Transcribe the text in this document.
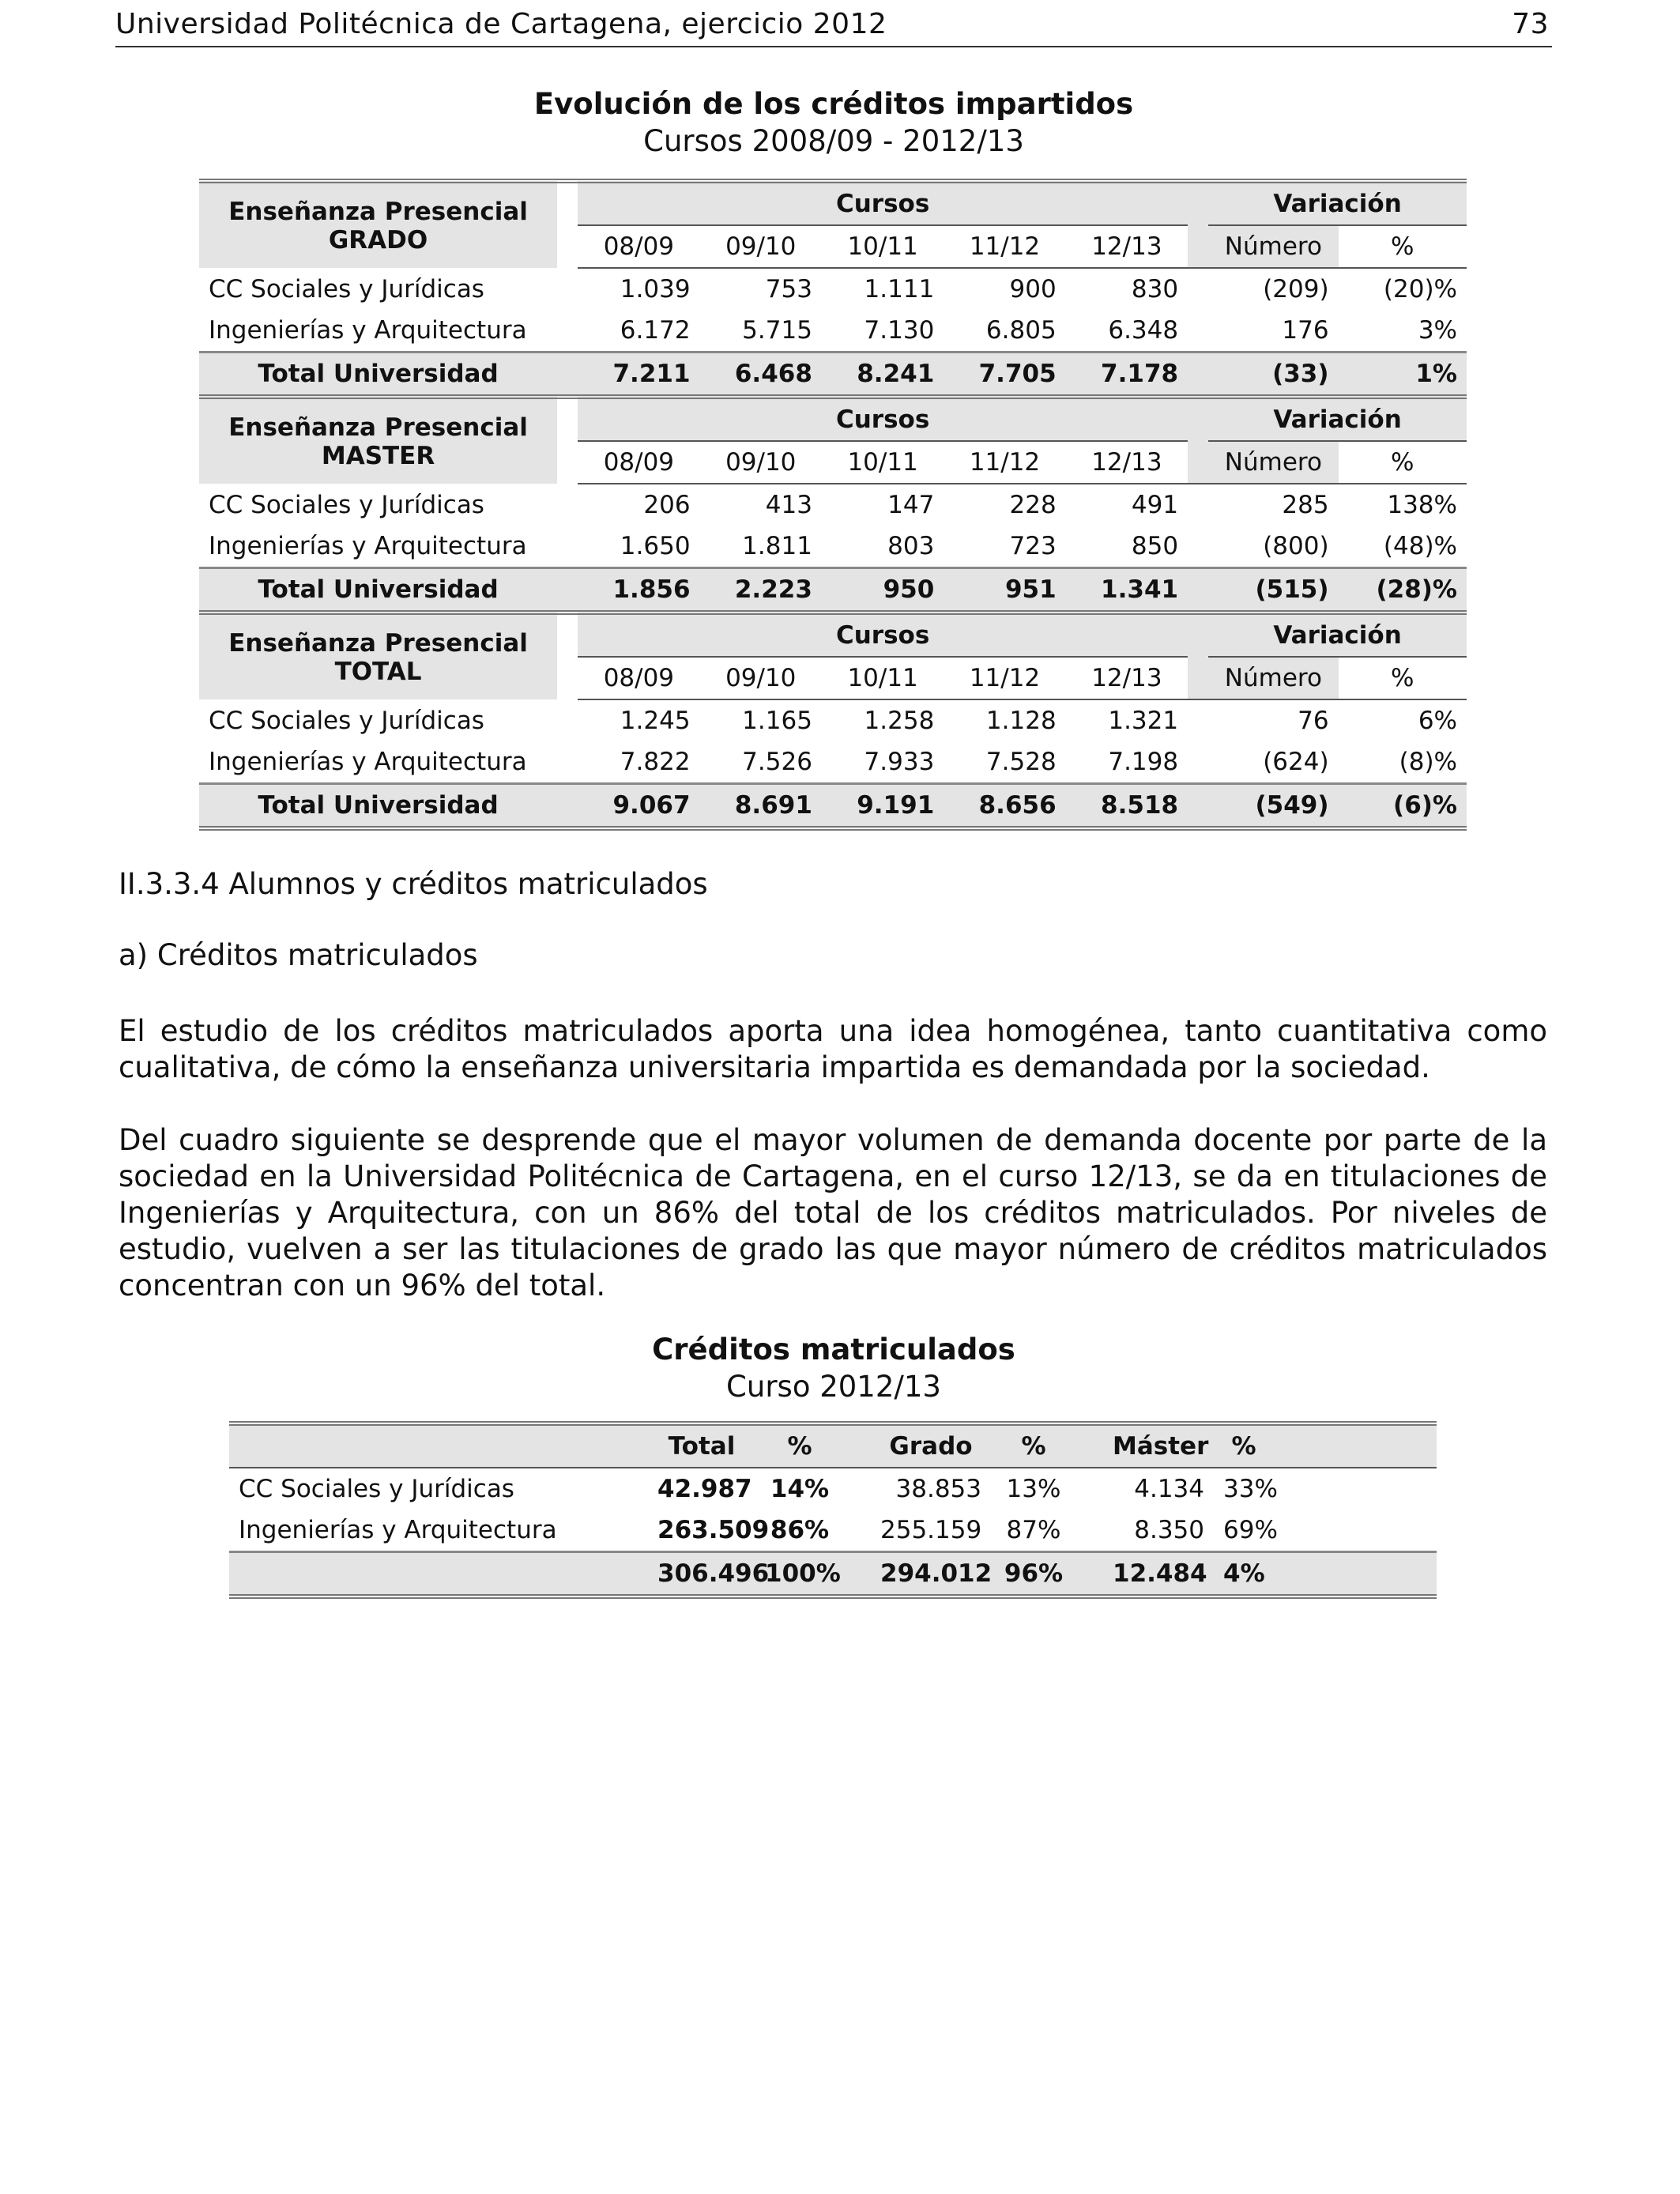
Universidad Politécnica de Cartagena, ejercicio 2012	73
Evolución de los créditos impartidos
Cursos 2008/09 - 2012/13
Enseñanza Presencial
GRADO		Cursos						Variación	
		08/09	09/10	10/11	11/12	12/13		Número	%
CC Sociales y Jurídicas		1.039	753	1.111	900	830		(209)	(20)%
Ingenierías y Arquitectura		6.172	5.715	7.130	6.805	6.348		176	3%
Total Universidad		7.211	6.468	8.241	7.705	7.178		(33)	1%

Enseñanza Presencial
MASTER		Cursos						Variación	
		08/09	09/10	10/11	11/12	12/13		Número	%
CC Sociales y Jurídicas		206	413	147	228	491		285	138%
Ingenierías y Arquitectura		1.650	1.811	803	723	850		(800)	(48)%
Total Universidad		1.856	2.223	950	951	1.341		(515)	(28)%

Enseñanza Presencial
TOTAL		Cursos						Variación	
		08/09	09/10	10/11	11/12	12/13		Número	%
CC Sociales y Jurídicas		1.245	1.165	1.258	1.128	1.321		76	6%
Ingenierías y Arquitectura		7.822	7.526	7.933	7.528	7.198		(624)	(8)%
Total Universidad		9.067	8.691	9.191	8.656	8.518		(549)	(6)%
II.3.3.4 Alumnos y créditos matriculados
a) Créditos matriculados
El estudio de los créditos matriculados aporta una idea homogénea, tanto cuantitativa como cualitativa, de cómo la enseñanza universitaria impartida es demandada por la sociedad.
Del cuadro siguiente se desprende que el mayor volumen de demanda docente por parte de la sociedad en la Universidad Politécnica de Cartagena, en el curso 12/13, se da en titulaciones de Ingenierías y Arquitectura, con un 86% del total de los créditos matriculados. Por niveles de estudio, vuelven a ser las titulaciones de grado las que mayor número de créditos matriculados concentran con un 96% del total.
Créditos matriculados
Curso 2012/13
		Total	%		Grado	%		Máster	%	
CC Sociales y Jurídicas		42.987	14%		38.853	13%		4.134	33%	
Ingenierías y Arquitectura		263.509	86%		255.159	87%		8.350	69%	
		306.496	100%		294.012	96%		12.484	4%	
